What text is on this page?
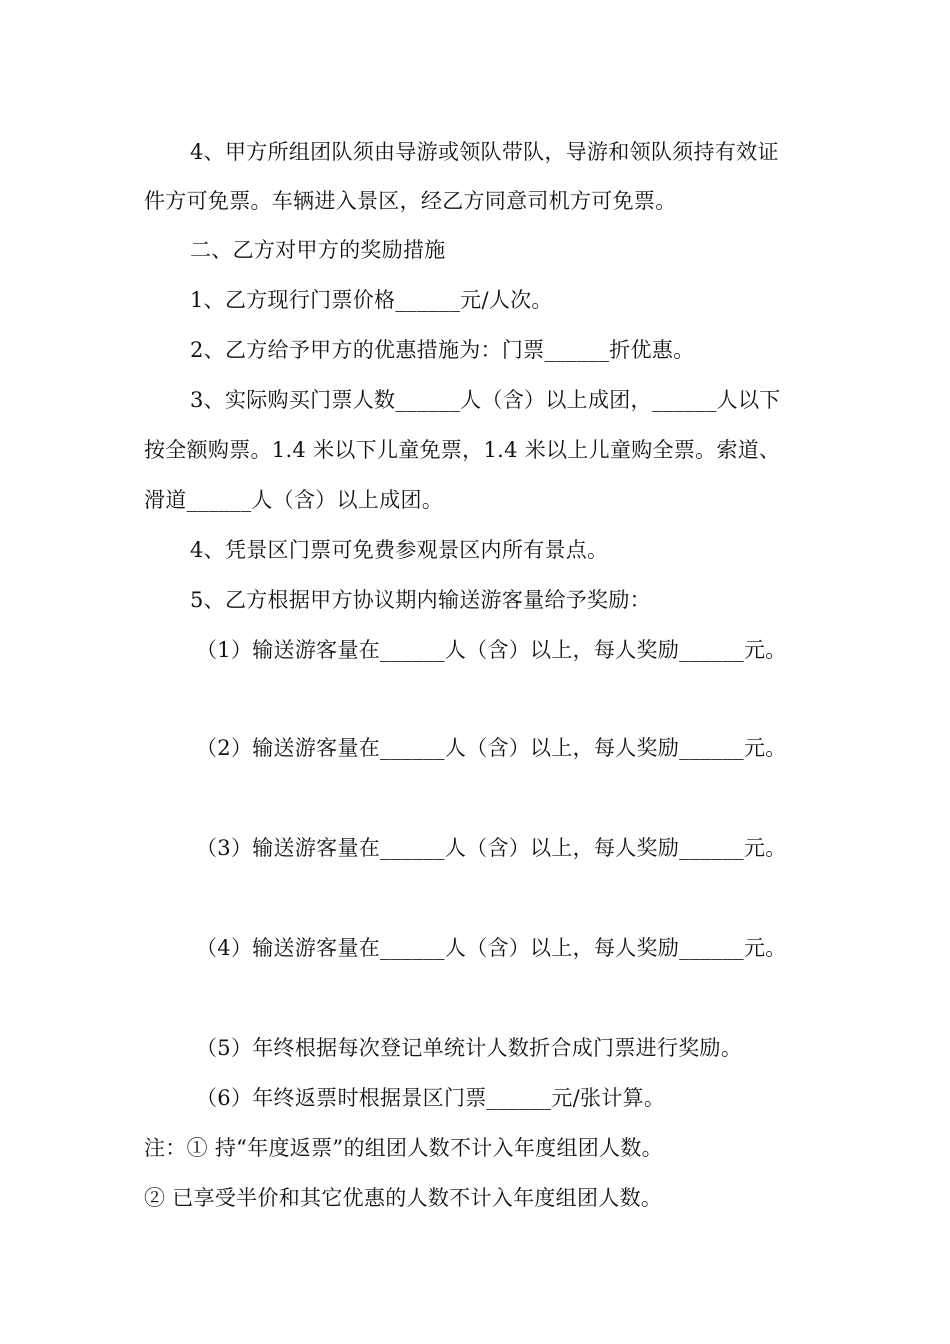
4、甲方所组团队须由导游或领队带队，导游和领队须持有效证
件方可免票。车辆进入景区，经乙方同意司机方可免票。
二、乙方对甲方的奖励措施
1、乙方现行门票价格______元/人次。
2、乙方给予甲方的优惠措施为：门票______折优惠。
3、实际购买门票人数______人（含）以上成团，______人以下
按全额购票。1.4 米以下儿童免票，1.4 米以上儿童购全票。索道、
滑道______人（含）以上成团。
4、凭景区门票可免费参观景区内所有景点。
5、乙方根据甲方协议期内输送游客量给予奖励：
（1）输送游客量在______人（含）以上，每人奖励______元。
（2）输送游客量在______人（含）以上，每人奖励______元。
（3）输送游客量在______人（含）以上，每人奖励______元。
（4）输送游客量在______人（含）以上，每人奖励______元。
（5）年终根据每次登记单统计人数折合成门票进行奖励。
（6）年终返票时根据景区门票______元/张计算。
注：① 持“年度返票”的组团人数不计入年度组团人数。
② 已享受半价和其它优惠的人数不计入年度组团人数。
